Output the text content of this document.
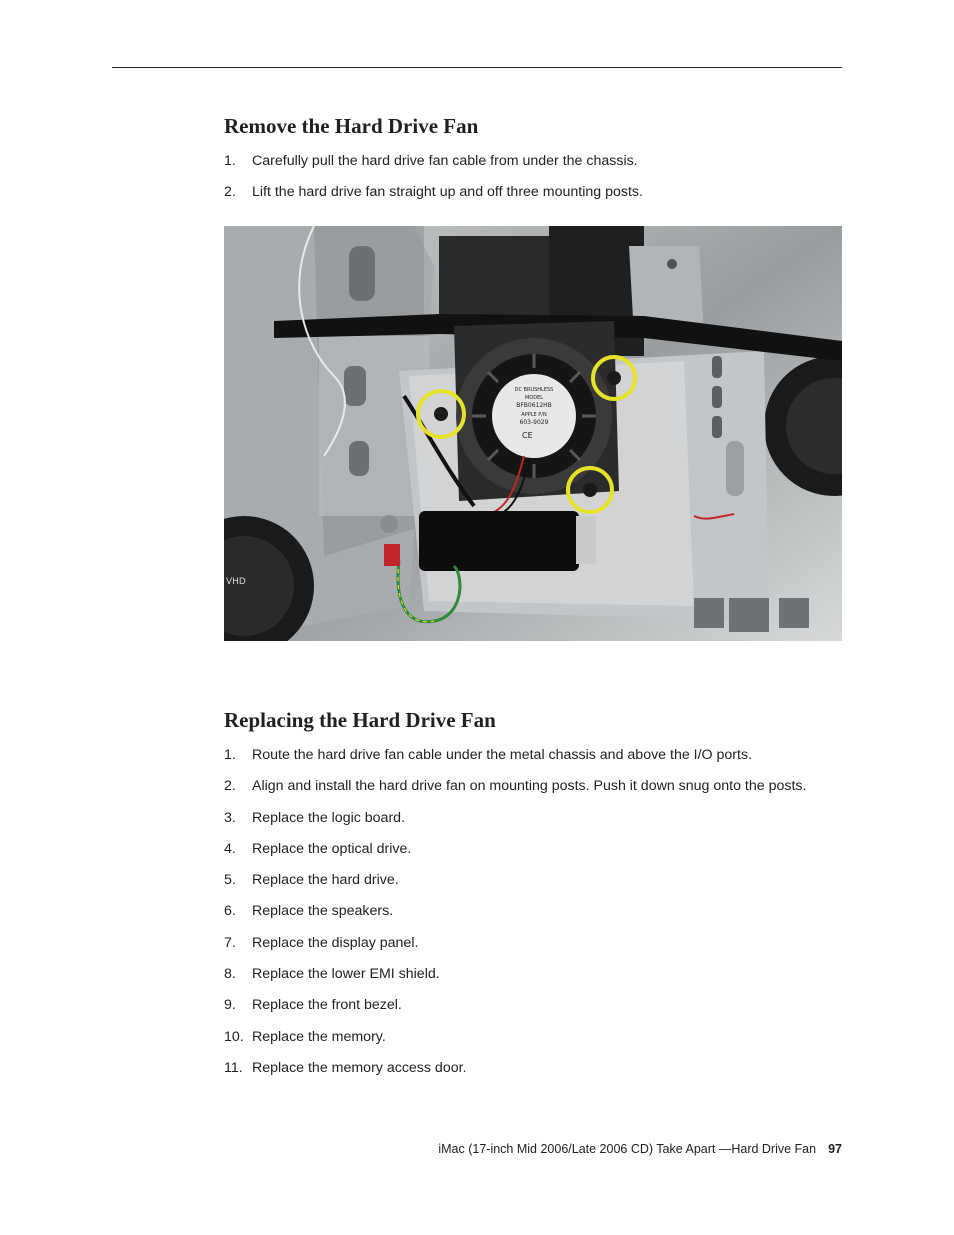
Remove the Hard Drive Fan
1. Carefully pull the hard drive fan cable from under the chassis.
2. Lift the hard drive fan straight up and off three mounting posts.
VHD
DC BRUSHLESS
MODEL
BFB0612HB
APPLE P/N
603-9029
CE
Replacing the Hard Drive Fan
1. Route the hard drive fan cable under the metal chassis and above the I/O ports.
2. Align and install the hard drive fan on mounting posts. Push it down snug onto the posts.
3. Replace the logic board.
4. Replace the optical drive.
5. Replace the hard drive.
6. Replace the speakers.
7. Replace the display panel.
8. Replace the lower EMI shield.
9. Replace the front bezel.
10. Replace the memory.
11. Replace the memory access door.
iMac (17-inch Mid 2006/Late 2006 CD) Take Apart —Hard Drive Fan 97
